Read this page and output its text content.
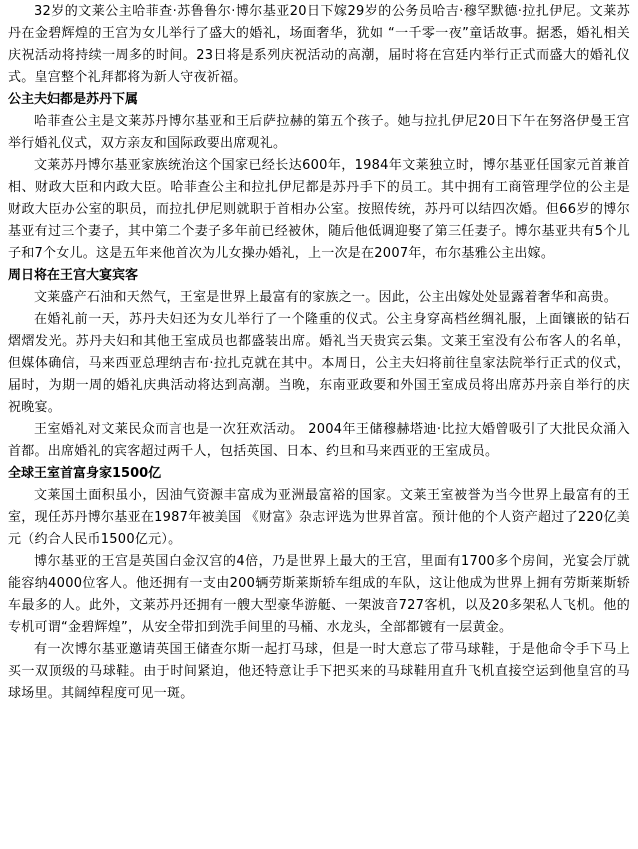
32岁的文莱公主哈菲查·苏鲁鲁尔·博尔基亚20日下嫁29岁的公务员哈吉·穆罕默德·拉扎伊尼。文莱苏丹在金碧辉煌的王宫为女儿举行了盛大的婚礼，场面奢华，犹如 “一千零一夜”童话故事。据悉，婚礼相关庆祝活动将持续一周多的时间。23日将是系列庆祝活动的高潮，届时将在宫廷内举行正式而盛大的婚礼仪式。皇宫整个礼拜都将为新人守夜祈福。

公主夫妇都是苏丹下属

哈菲查公主是文莱苏丹博尔基亚和王后萨拉赫的第五个孩子。她与拉扎伊尼20日下午在努洛伊曼王宫举行婚礼仪式，双方亲友和国际政要出席观礼。

文莱苏丹博尔基亚家族统治这个国家已经长达600年，1984年文莱独立时，博尔基亚任国家元首兼首相、财政大臣和内政大臣。哈菲查公主和拉扎伊尼都是苏丹手下的员工。其中拥有工商管理学位的公主是财政大臣办公室的职员，而拉扎伊尼则就职于首相办公室。按照传统，苏丹可以结四次婚。但66岁的博尔基亚有过三个妻子，其中第二个妻子多年前已经被休，随后他低调迎娶了第三任妻子。博尔基亚共有5个儿子和7个女儿。这是五年来他首次为儿女操办婚礼，上一次是在2007年，布尔基雅公主出嫁。

周日将在王宫大宴宾客

文莱盛产石油和天然气，王室是世界上最富有的家族之一。因此，公主出嫁处处显露着奢华和高贵。

在婚礼前一天，苏丹夫妇还为女儿举行了一个隆重的仪式。公主身穿高档丝绸礼服，上面镶嵌的钻石熠熠发光。苏丹夫妇和其他王室成员也都盛装出席。婚礼当天贵宾云集。文莱王室没有公布客人的名单，但媒体确信，马来西亚总理纳吉布·拉扎克就在其中。本周日，公主夫妇将前往皇家法院举行正式的仪式，届时，为期一周的婚礼庆典活动将达到高潮。当晚，东南亚政要和外国王室成员将出席苏丹亲自举行的庆祝晚宴。

王室婚礼对文莱民众而言也是一次狂欢活动。 2004年王储穆赫塔迪·比拉大婚曾吸引了大批民众涌入首都。出席婚礼的宾客超过两千人，包括英国、日本、约旦和马来西亚的王室成员。

全球王室首富身家1500亿

文莱国土面积虽小，因油气资源丰富成为亚洲最富裕的国家。文莱王室被誉为当今世界上最富有的王室，现任苏丹博尔基亚在1987年被美国 《财富》杂志评选为世界首富。预计他的个人资产超过了220亿美元（约合人民币1500亿元）。

博尔基亚的王宫是英国白金汉宫的4倍，乃是世界上最大的王宫，里面有1700多个房间，光宴会厅就能容纳4000位客人。他还拥有一支由200辆劳斯莱斯轿车组成的车队，这让他成为世界上拥有劳斯莱斯轿车最多的人。此外，文莱苏丹还拥有一艘大型豪华游艇、一架波音727客机，以及20多架私人飞机。他的专机可谓“金碧辉煌”，从安全带扣到洗手间里的马桶、水龙头，全部都镀有一层黄金。

有一次博尔基亚邀请英国王储查尔斯一起打马球，但是一时大意忘了带马球鞋，于是他命令手下马上买一双顶级的马球鞋。由于时间紧迫，他还特意让手下把买来的马球鞋用直升飞机直接空运到他皇宫的马球场里。其阔绰程度可见一斑。
